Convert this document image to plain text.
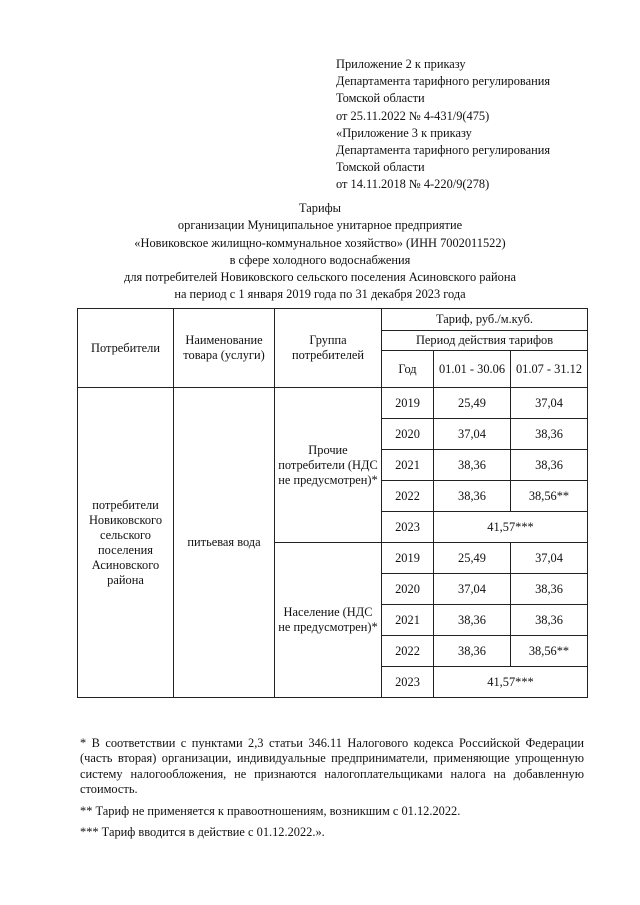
Приложение 2 к приказу
Департамента тарифного регулирования
Томской области
от 25.11.2022 № 4-431/9(475)
«Приложение 3 к приказу
Департамента тарифного регулирования
Томской области
от 14.11.2018 № 4-220/9(278)
Тарифы
организации Муниципальное унитарное предприятие
«Новиковское жилищно-коммунальное хозяйство» (ИНН 7002011522)
в сфере холодного водоснабжения
для потребителей Новиковского сельского поселения Асиновского района
на период с 1 января 2019 года по 31 декабря 2023 года
Потребители	Наименование товара (услуги)	Группа потребителей	Тариф, руб./м.куб.		
			Период действия тарифов		
			Год	01.01 - 30.06	01.07 - 31.12
потребители Новиковского сельского поселения Асиновского района	питьевая вода	Прочие потребители (НДС не предусмотрен)*	2019	25,49	37,04
			2020	37,04	38,36
			2021	38,36	38,36
			2022	38,36	38,56**
			2023	41,57***	
		Население (НДС не предусмотрен)*	2019	25,49	37,04
			2020	37,04	38,36
			2021	38,36	38,36
			2022	38,36	38,56**
			2023	41,57***	
* В соответствии с пунктами 2,3 статьи 346.11 Налогового кодекса Российской Федерации (часть вторая) организации, индивидуальные предприниматели, применяющие упрощенную систему налогообложения, не признаются налогоплательщиками налога на добавленную стоимость.
** Тариф не применяется к правоотношениям, возникшим с 01.12.2022.
*** Тариф вводится в действие с 01.12.2022.».
